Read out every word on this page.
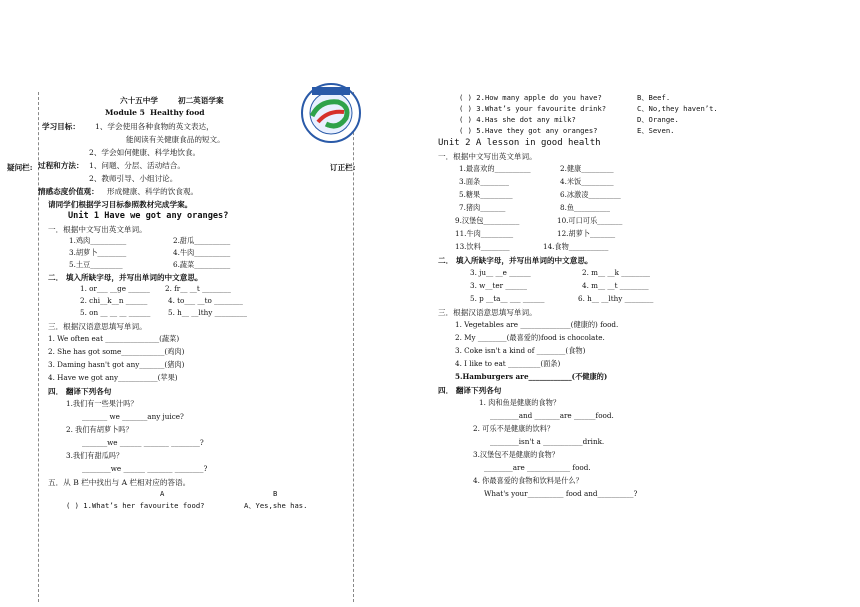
疑问栏:	订正栏:
六十五中学	初二英语学案
Module 5 Healthy food
学习目标： 1、学会使用各种食物的英文表达，
能阅读有关健康食品的短文。
2、学会如何健康、科学地饮食。
过程和方法： 1、问题、分层、活动结合。
2、教师引导、小组讨论。
情感态度价值观： 形成健康、科学的饮食观。
请同学们根据学习目标参照教材完成学案。
Unit 1 Have we got any oranges?
一．根据中文写出英文单词。
1.鸡肉__________	2.甜瓜__________
3.胡萝卜________	4.牛肉__________
5.土豆_________	6.蔬菜__________
二． 填入所缺字母，并写出单词的中文意思。
1. or___ __ge ______ 2. fr__ __t ________
2. chi__k__n ______	4. to___ __to ________
5. on __ __ __ ______ 5. h__ __lthy _________
三．根据汉语意思填写单词。
1. We often eat _______________(蔬菜)
2. She has got some____________(鸡肉)
3. Daming hasn't got any_______(猪肉)
4. Have we got any___________(苹果)
四． 翻译下列各句
1.我们有一些果汁吗？
_______ we _______any juice?
2. 我们有胡萝卜吗？
_______we ______ _______ ________?
3.我们有甜瓜吗？
________we ______ _______ ________?
五．从 B 栏中找出与 A 栏相对应的答语。
A	B
( ) 1.What’s her favourite food?	A、Yes,she has.
( ) 2.How many apple do you have?	B、Beef.
( ) 3.What’s your favourite drink?	C、No,they haven’t.
( ) 4.Has she dot any milk?	D、Orange.
( ) 5.Have they got any oranges?	E、Seven.
Unit 2 A lesson in good health
一．根据中文写出英文单词。
1.最喜欢的__________	2.健康_________
3.面条________	4.米饭_________
5.糖果_________	6.冰激凌_________
7.猪肉_______	8.鱼__________
9.汉堡包__________	10.可口可乐_______
11.牛肉_________	12.胡萝卜_______
13.饮料________	14.食物___________
二． 填入所缺字母，并写出单词的中文意思。
3. ju__ __e ______	2. m__ __k ________
3. w__ter ______	4. m__ __t ________
5. p __ta__ ___ ______	6. h__ __lthy ________
三．根据汉语意思填写单词。
1. Vegetables are ______________(健康的) food.
2. My ________(最喜爱的)food is chocolate.
3. Coke isn't a kind of ________(食物)
4. I like to eat _________(面条)
5.Hamburgers are____________(不健康的)
四． 翻译下列各句
1. 肉和鱼是健康的食物？
________and _______are ______food.
2. 可乐不是健康的饮料？
________isn't a ___________drink.
3.汉堡包不是健康的食物？
________are ____________ food.
4. 你最喜爱的食物和饮料是什么？
What's your__________ food and__________?
